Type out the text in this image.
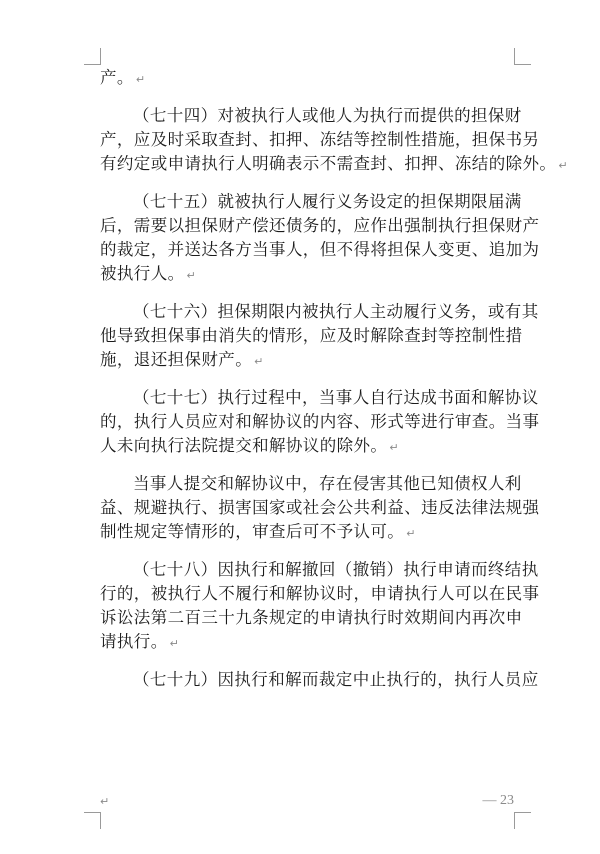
产。 ↵
（七十四）对被执行人或他人为执行而提供的担保财
产，应及时采取查封、扣押、冻结等控制性措施，担保书另
有约定或申请执行人明确表示不需查封、扣押、冻结的除外。 ↵
（七十五）就被执行人履行义务设定的担保期限届满
后，需要以担保财产偿还债务的，应作出强制执行担保财产
的裁定，并送达各方当事人，但不得将担保人变更、追加为
被执行人。 ↵
（七十六）担保期限内被执行人主动履行义务，或有其
他导致担保事由消失的情形，应及时解除查封等控制性措
施，退还担保财产。 ↵
（七十七）执行过程中，当事人自行达成书面和解协议
的，执行人员应对和解协议的内容、形式等进行审查。当事
人未向执行法院提交和解协议的除外。 ↵
当事人提交和解协议中，存在侵害其他已知债权人利
益、规避执行、损害国家或社会公共利益、违反法律法规强
制性规定等情形的，审查后可不予认可。 ↵
（七十八）因执行和解撤回（撤销）执行申请而终结执
行的，被执行人不履行和解协议时，申请执行人可以在民事
诉讼法第二百三十九条规定的申请执行时效期间内再次申
请执行。 ↵
（七十九）因执行和解而裁定中止执行的，执行人员应
↵	— 23
